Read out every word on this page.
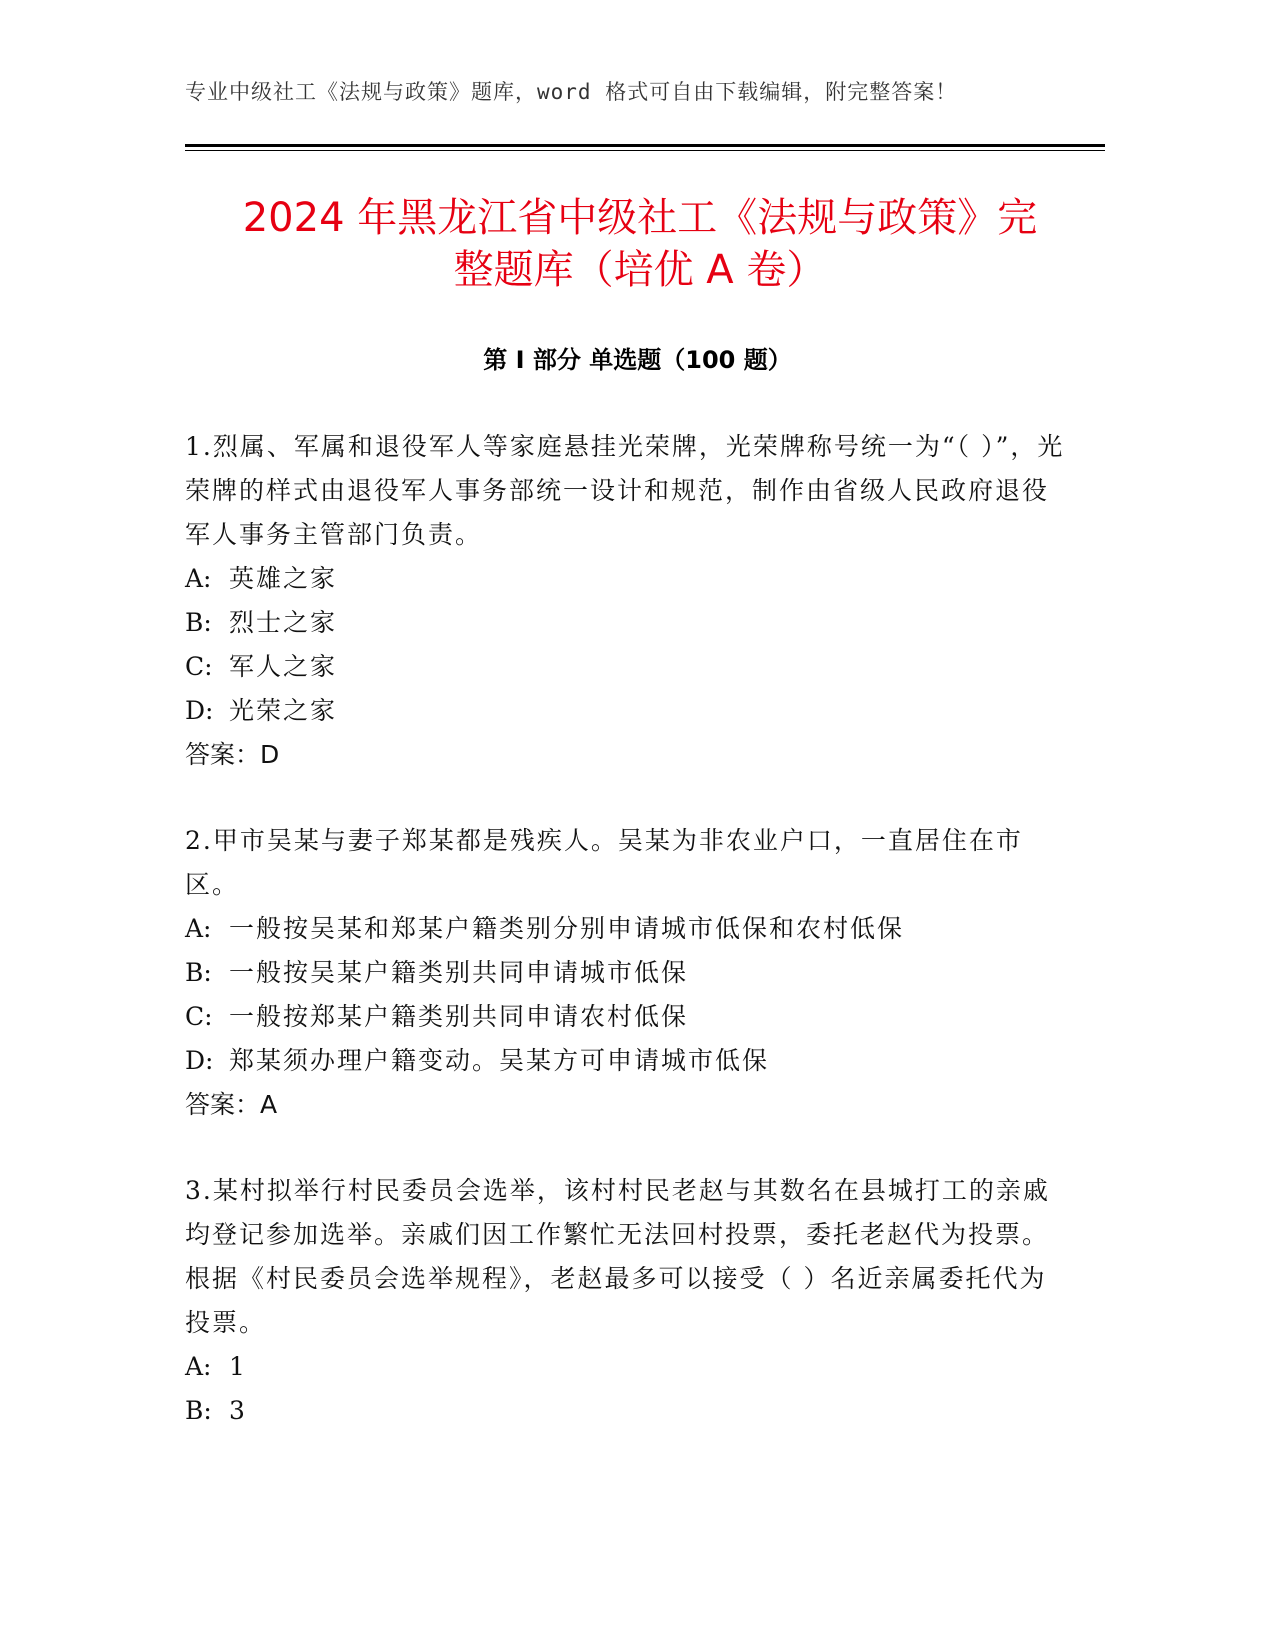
专业中级社工《法规与政策》题库，word 格式可自由下载编辑，附完整答案！
2024 年黑龙江省中级社工《法规与政策》完
整题库（培优 A 卷）
第 I 部分 单选题（100 题）

1.烈属、军属和退役军人等家庭悬挂光荣牌，光荣牌称号统一为“（ ）”，光荣牌的样式由退役军人事务部统一设计和规范，制作由省级人民政府退役军人事务主管部门负责。

A: 英雄之家

B: 烈士之家

C: 军人之家

D: 光荣之家

答案：D

2.甲市吴某与妻子郑某都是残疾人。吴某为非农业户口，一直居住在市区。

A: 一般按吴某和郑某户籍类别分别申请城市低保和农村低保

B: 一般按吴某户籍类别共同申请城市低保

C: 一般按郑某户籍类别共同申请农村低保

D: 郑某须办理户籍变动。吴某方可申请城市低保

答案：A

3.某村拟举行村民委员会选举，该村村民老赵与其数名在县城打工的亲戚均登记参加选举。亲戚们因工作繁忙无法回村投票，委托老赵代为投票。根据《村民委员会选举规程》，老赵最多可以接受（ ）名近亲属委托代为投票。

A: 1

B: 3
